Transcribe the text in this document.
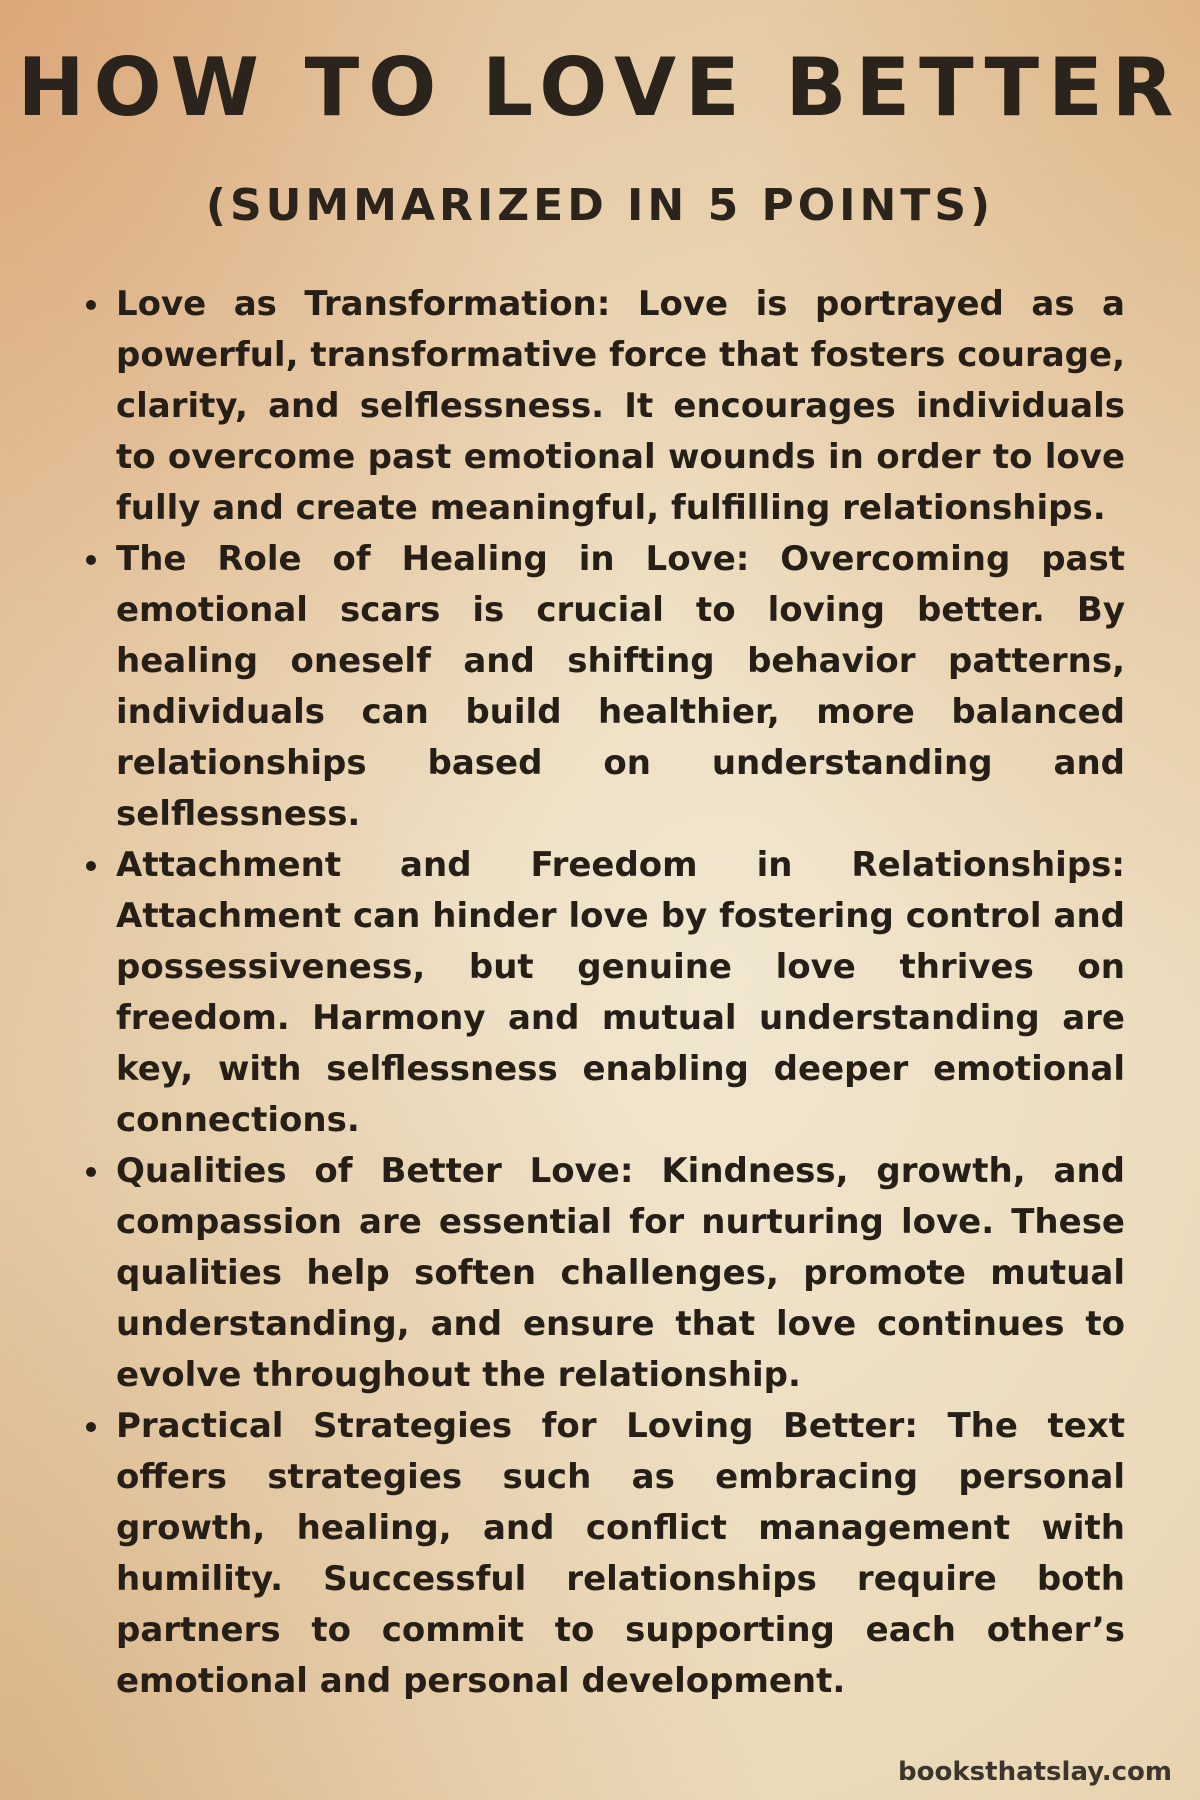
HOW TO LOVE BETTER
(SUMMARIZED IN 5 POINTS)
Love as Transformation: Love is portrayed as a powerful, transformative force that fosters courage, clarity, and selflessness. It encourages individuals to overcome past emotional wounds in order to love fully and create meaningful, fulfilling relationships.
The Role of Healing in Love: Overcoming past emotional scars is crucial to loving better. By healing oneself and shifting behavior patterns, individuals can build healthier, more balanced relationships based on understanding and selflessness.
Attachment and Freedom in Relationships: Attachment can hinder love by fostering control and possessiveness, but genuine love thrives on freedom. Harmony and mutual understanding are key, with selflessness enabling deeper emotional connections.
Qualities of Better Love: Kindness, growth, and compassion are essential for nurturing love. These qualities help soften challenges, promote mutual understanding, and ensure that love continues to evolve throughout the relationship.
Practical Strategies for Loving Better: The text offers strategies such as embracing personal growth, healing, and conflict management with humility. Successful relationships require both partners to commit to supporting each other’s emotional and personal development.
booksthatslay.com
